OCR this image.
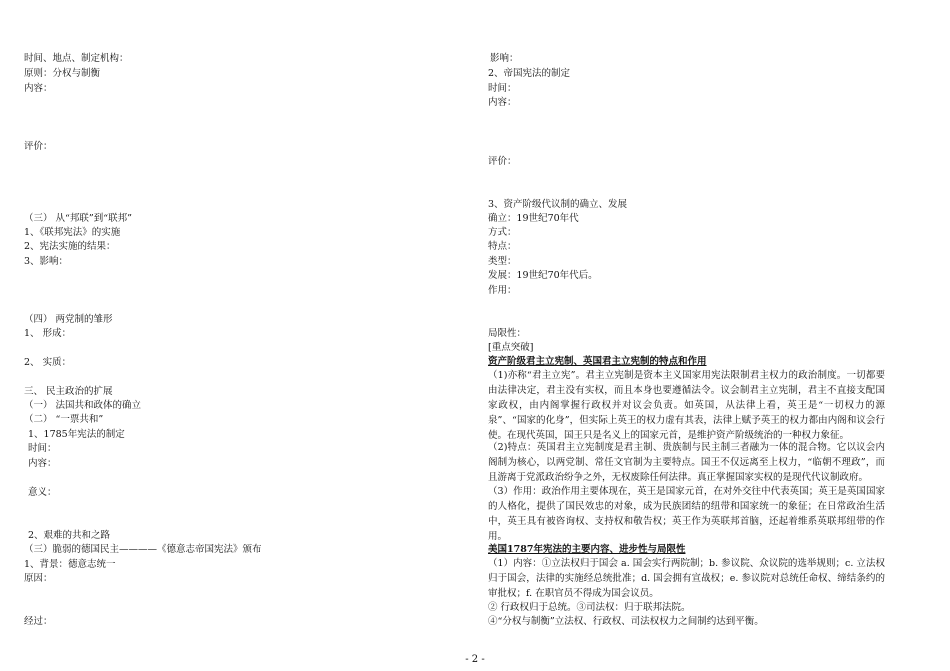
时间、地点、制定机构：
原则：分权与制衡
内容：
评价：
（三） 从“邦联”到“联邦”
1、《联邦宪法》的实施
2、宪法实施的结果：
3、影响：
（四） 两党制的雏形
1、 形成：
2、 实质：
三、 民主政治的扩展
（一） 法国共和政体的确立
（二） “一票共和”
1、1785年宪法的制定
时间：
内容：
意义：
2、艰难的共和之路
（三）脆弱的德国民主————《德意志帝国宪法》颁布
1、背景：德意志统一
原因：
经过：
影响：
2、帝国宪法的制定
时间：
内容：
评价：
3、资产阶级代议制的确立、发展
确立：19世纪70年代
方式：
特点：
类型：
发展：19世纪70年代后。
作用：
局限性：
[重点突破]
资产阶级君主立宪制、英国君主立宪制的特点和作用
（1)亦称“君主立宪”。君主立宪制是资本主义国家用宪法限制君主权力的政治制度。一切都要由法律决定，君主没有实权，而且本身也要遵循法令。议会制君主立宪制，君主不直接支配国家政权，由内阁掌握行政权并对议会负责。如英国，从法律上看，英王是“一切权力的源泉”、“国家的化身”，但实际上英王的权力虚有其表，法律上赋予英王的权力都由内阁和议会行使。在现代英国，国王只是名义上的国家元首，是维护资产阶级统治的一种权力象征。
（2)特点：英国君主立宪制度是君主制、贵族制与民主制三者融为一体的混合物。它以议会内阁制为核心，以两党制、常任文官制为主要特点。国王不仅远离至上权力，“临朝不理政”，而且游离于党派政治纷争之外，无权废除任何法律。真正掌握国家实权的是现代代议制政府。
（3）作用：政治作用主要体现在，英王是国家元首，在对外交往中代表英国；英王是英国国家的人格化，提供了国民效忠的对象，成为民族团结的纽带和国家统一的象征；在日常政治生活中，英王具有被咨询权、支持权和敬告权；英王作为英联邦首脑，还起着维系英联邦纽带的作用。
美国1787年宪法的主要内容、进步性与局限性
（1）内容：①立法权归于国会 a. 国会实行两院制；b. 参议院、众议院的选举规则；c. 立法权归于国会，法律的实施经总统批准；d. 国会拥有宣战权；e. 参议院对总统任命权、缔结条约的审批权；f. 在职官员不得成为国会议员。
② 行政权归于总统。③司法权：归于联邦法院。
④“分权与制衡”立法权、行政权、司法权权力之间制约达到平衡。
- 2 -
